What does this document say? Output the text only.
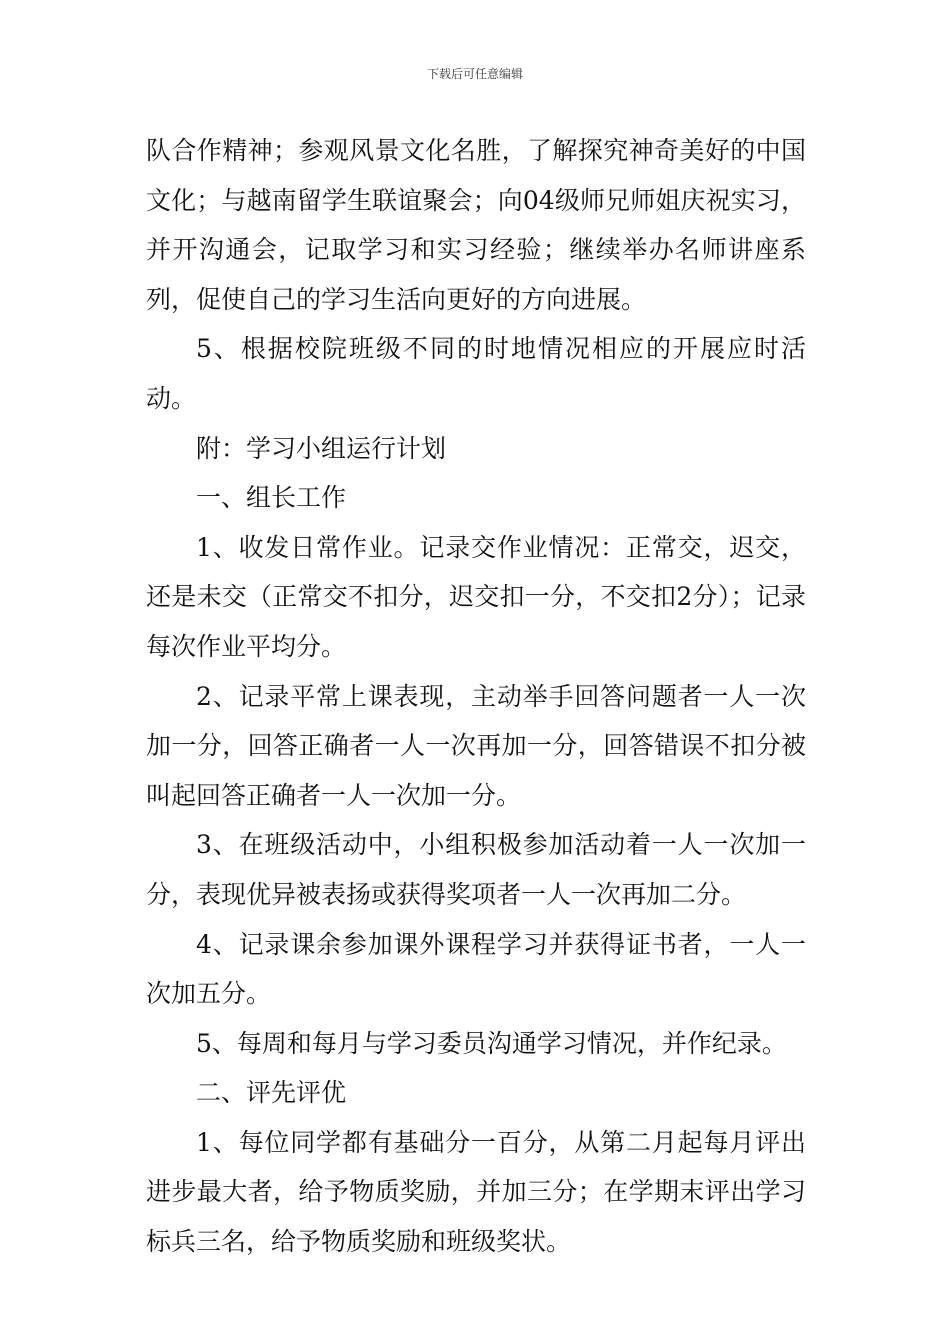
下载后可任意编辑

队合作精神；参观风景文化名胜，了解探究神奇美好的中国文化；与越南留学生联谊聚会；向04级师兄师姐庆祝实习，并开沟通会，记取学习和实习经验；继续举办名师讲座系列，促使自己的学习生活向更好的方向进展。

5、根据校院班级不同的时地情况相应的开展应时活动。

附：学习小组运行计划

一、组长工作

1、收发日常作业。记录交作业情况：正常交，迟交，还是未交（正常交不扣分，迟交扣一分，不交扣2分）；记录每次作业平均分。

2、记录平常上课表现，主动举手回答问题者一人一次加一分，回答正确者一人一次再加一分，回答错误不扣分被叫起回答正确者一人一次加一分。

3、在班级活动中，小组积极参加活动着一人一次加一分，表现优异被表扬或获得奖项者一人一次再加二分。

4、记录课余参加课外课程学习并获得证书者，一人一次加五分。

5、每周和每月与学习委员沟通学习情况，并作纪录。

二、评先评优

1、每位同学都有基础分一百分，从第二月起每月评出进步最大者，给予物质奖励，并加三分；在学期末评出学习标兵三名，给予物质奖励和班级奖状。
